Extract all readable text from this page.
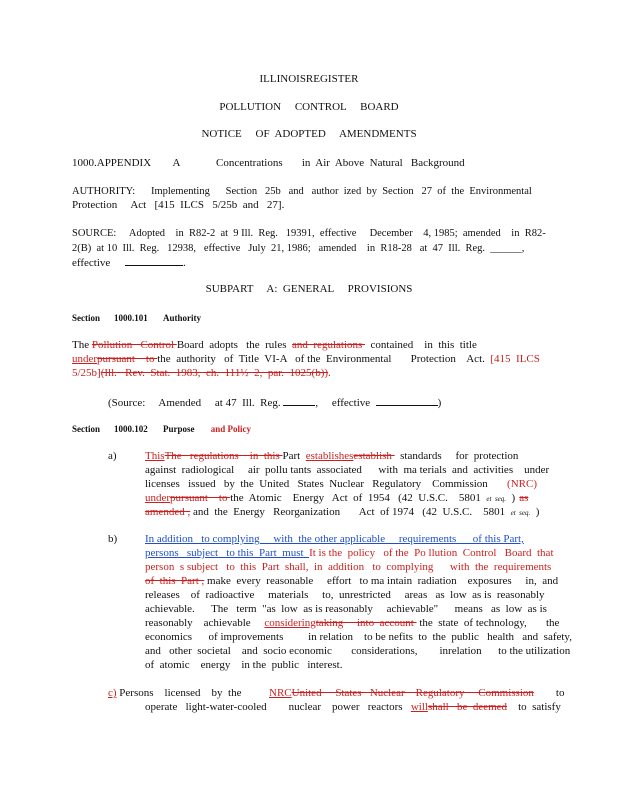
ILLINOISREGISTER
POLLUTION     CONTROL     BOARD
NOTICE     OF  ADOPTED     AMENDMENTS
1000.APPENDIX        A	Concentrations       in  Air  Above  Natural   Background
AUTHORITY:      Implementing      Section   25b   and   author  ized  by  Section   27  of  the  Environmental
Protection     Act   [415  ILCS   5/25b  and   27].
SOURCE:     Adopted    in  R82-2  at  9 Ill.  Reg.   19391,  effective     December    4, 1985;  amended    in  R82-
2(B)  at 10  Ill.  Reg.   12938,   effective   July  21, 1986;   amended    in  R18-28   at  47  Ill.  Reg.  ______,
effective	.
SUBPART     A:  GENERAL     PROVISIONS
Section 1000.101 Authority
The Pollution   Control Board  adopts   the  rules  and  regulations   contained    in  this  title
underpursuant    to the  authority   of  Title  VI-A   of the  Environmental       Protection    Act.  [415  ILCS
5/25b](Ill.   Rev.  Stat.  1983,  ch.  111½  2,  par.  1025(b)).
(Source:     Amended     at 47  Ill.  Reg.	,     effective	)
Section 1000.102 Purpose and Policy
a)	ThisThe   regulations    in  this Part  establishesestablish   standards     for  protection
against  radiological     air  pollu tants  associated      with  ma terials  and  activities    under
licenses   issued   by  the  United   States  Nuclear   Regulatory    Commission       (NRC)
underpursuant    to the  Atomic    Energy   Act  of  1954   (42  U.S.C.    5801  et  seq.  ) as
amended , and  the  Energy   Reorganization       Act  of 1974   (42  U.S.C.    5801  et  seq.  )
b)	In addition   to complying     with  the other applicable     requirements      of this Part,
persons   subject   to this  Part  must  It is the  policy   of the  Po llution  Control   Board  that
person  s subject   to  this  Part  shall,  in  addition   to  complying      with  the  requirements
of  this  Part , make  every  reasonable     effort   to ma intain  radiation    exposures     in,  and
releases    of  radioactive     materials     to,  unrestricted     areas   as  low  as is  reasonably
achievable.      The   term  "as  low  as is reasonably     achievable"      means   as  low  as is
reasonably    achievable     consideringtaking     into  account  the  state  of technology,       the
economics      of improvements         in relation    to be nefits  to  the  public   health   and  safety,
and   other  societal    and  socio economic       considerations,        inrelation      to the utilization
of  atomic    energy    in the  public   interest.
c) Persons    licensed    by  the          NRCUnited     States   Nuclear    Regulatory     Commission        to
operate   light-water-cooled        nuclear    power   reactors   willshall   be  deemed    to  satisfy
